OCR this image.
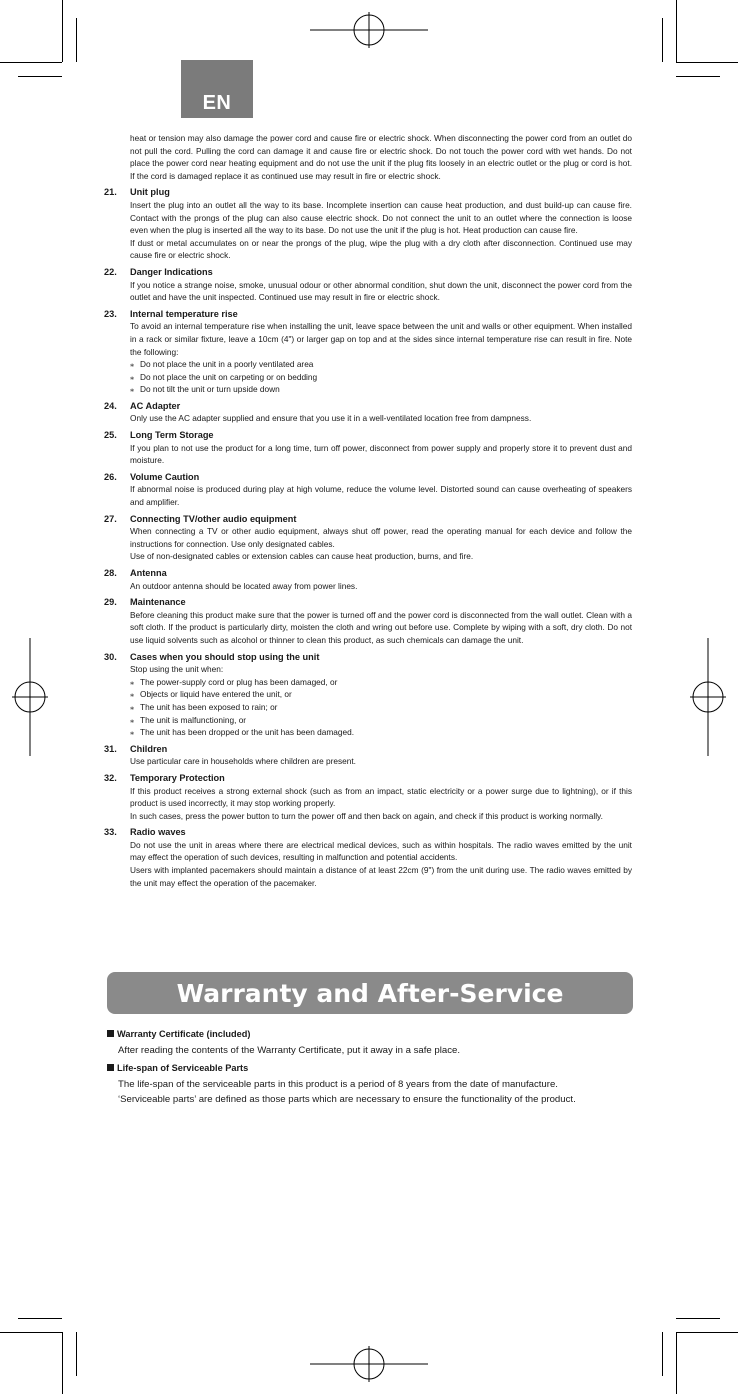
EN

heat or tension may also damage the power cord and cause fire or electric shock. When disconnecting the power cord from an outlet do not pull the cord. Pulling the cord can damage it and cause fire or electric shock. Do not touch the power cord with wet hands. Do not place the power cord near heating equipment and do not use the unit if the plug fits loosely in an electric outlet or the plug or cord is hot. If the cord is damaged replace it as continued use may result in fire or electric shock.

21.	Unit plug

Insert the plug into an outlet all the way to its base. Incomplete insertion can cause heat production, and dust build-up can cause fire. Contact with the prongs of the plug can also cause electric shock. Do not connect the unit to an outlet where the connection is loose even when the plug is inserted all the way to its base. Do not use the unit if the plug is hot. Heat production can cause fire.

If dust or metal accumulates on or near the prongs of the plug, wipe the plug with a dry cloth after disconnection. Continued use may cause fire or electric shock.

22.	Danger Indications

If you notice a strange noise, smoke, unusual odour or other abnormal condition, shut down the unit, disconnect the power cord from the outlet and have the unit inspected. Continued use may result in fire or electric shock.

23.	Internal temperature rise

To avoid an internal temperature rise when installing the unit, leave space between the unit and walls or other equipment. When installed in a rack or similar fixture, leave a 10cm (4") or larger gap on top and at the sides since internal temperature rise can result in fire. Note the following:

⁎ Do not place the unit in a poorly ventilated area

⁎ Do not place the unit on carpeting or on bedding

⁎ Do not tilt the unit or turn upside down

24.	AC Adapter

Only use the AC adapter supplied and ensure that you use it in a well-ventilated location free from dampness.

25.	Long Term Storage

If you plan to not use the product for a long time, turn off power, disconnect from power supply and properly store it to prevent dust and moisture.

26.	Volume Caution

If abnormal noise is produced during play at high volume, reduce the volume level. Distorted sound can cause overheating of speakers and amplifier.

27.	Connecting TV/other audio equipment

When connecting a TV or other audio equipment, always shut off power, read the operating manual for each device and follow the instructions for connection. Use only designated cables.

Use of non-designated cables or extension cables can cause heat production, burns, and fire.

28.	Antenna

An outdoor antenna should be located away from power lines.

29.	Maintenance

Before cleaning this product make sure that the power is turned off and the power cord is disconnected from the wall outlet. Clean with a soft cloth. If the product is particularly dirty, moisten the cloth and wring out before use. Complete by wiping with a soft, dry cloth. Do not use liquid solvents such as alcohol or thinner to clean this product, as such chemicals can damage the unit.

30.	Cases when you should stop using the unit

Stop using the unit when:

⁎ The power-supply cord or plug has been damaged, or

⁎ Objects or liquid have entered the unit, or

⁎ The unit has been exposed to rain; or

⁎ The unit is malfunctioning, or

⁎ The unit has been dropped or the unit has been damaged.

31.	Children

Use particular care in households where children are present.

32.	Temporary Protection

If this product receives a strong external shock (such as from an impact, static electricity or a power surge due to lightning), or if this product is used incorrectly, it may stop working properly.

In such cases, press the power button to turn the power off and then back on again, and check if this product is working normally.

33.	Radio waves

Do not use the unit in areas where there are electrical medical devices, such as within hospitals. The radio waves emitted by the unit may effect the operation of such devices, resulting in malfunction and potential accidents.

Users with implanted pacemakers should maintain a distance of at least 22cm (9") from the unit during use. The radio waves emitted by the unit may effect the operation of the pacemaker.

Warranty and After-Service
Warranty Certificate (included)

After reading the contents of the Warranty Certificate, put it away in a safe place.

Life-span of Serviceable Parts

The life-span of the serviceable parts in this product is a period of 8 years from the date of manufacture.

‘Serviceable parts’ are defined as those parts which are necessary to ensure the functionality of the product.
